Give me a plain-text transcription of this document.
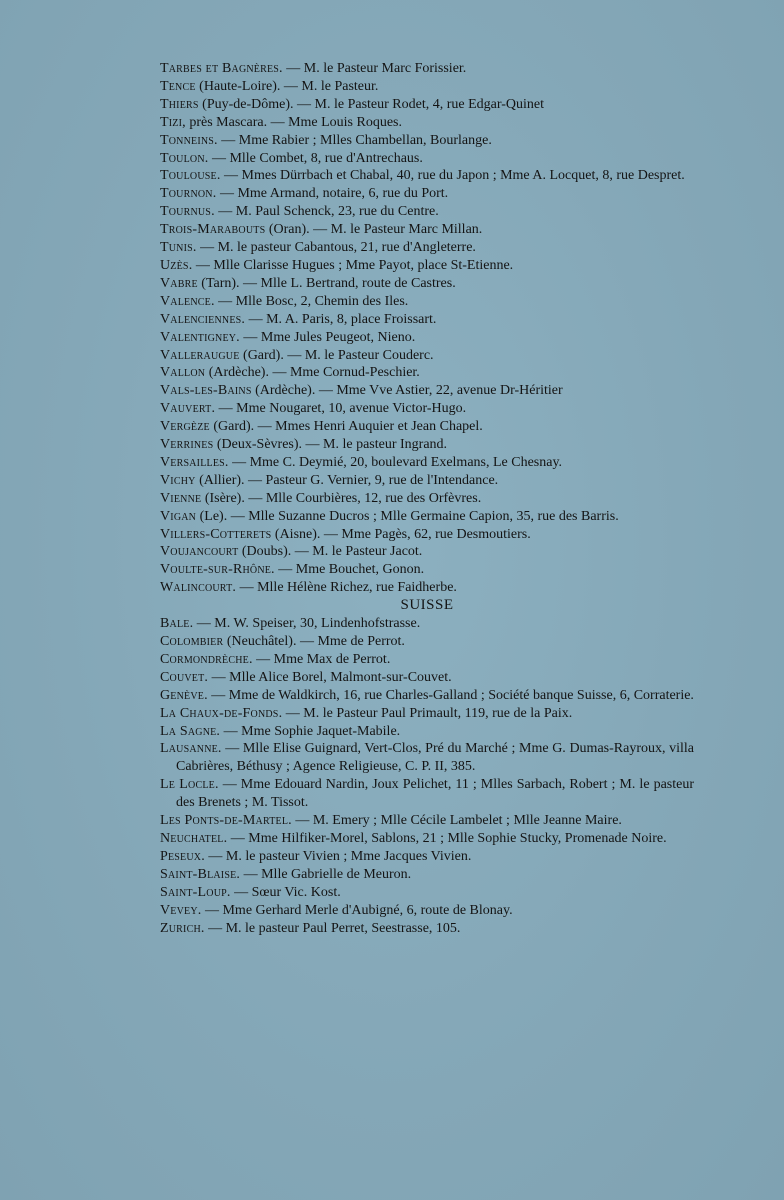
Tarbes et Bagnères. — M. le Pasteur Marc Forissier.
Tence (Haute-Loire). — M. le Pasteur.
Thiers (Puy-de-Dôme). — M. le Pasteur Rodet, 4, rue Edgar-Quinet
Tizi, près Mascara. — Mme Louis Roques.
Tonneins. — Mme Rabier ; Mlles Chambellan, Bourlange.
Toulon. — Mlle Combet, 8, rue d'Antrechaus.
Toulouse. — Mmes Dürrbach et Chabal, 40, rue du Japon ; Mme A. Locquet, 8, rue Despret.
Tournon. — Mme Armand, notaire, 6, rue du Port.
Tournus. — M. Paul Schenck, 23, rue du Centre.
Trois-Marabouts (Oran). — M. le Pasteur Marc Millan.
Tunis. — M. le pasteur Cabantous, 21, rue d'Angleterre.
Uzès. — Mlle Clarisse Hugues ; Mme Payot, place St-Etienne.
Vabre (Tarn). — Mlle L. Bertrand, route de Castres.
Valence. — Mlle Bosc, 2, Chemin des Iles.
Valenciennes. — M. A. Paris, 8, place Froissart.
Valentigney. — Mme Jules Peugeot, Nieno.
Valleraugue (Gard). — M. le Pasteur Couderc.
Vallon (Ardèche). — Mme Cornud-Peschier.
Vals-les-Bains (Ardèche). — Mme Vve Astier, 22, avenue Dr-Héritier
Vauvert. — Mme Nougaret, 10, avenue Victor-Hugo.
Vergèze (Gard). — Mmes Henri Auquier et Jean Chapel.
Verrines (Deux-Sèvres). — M. le pasteur Ingrand.
Versailles. — Mme C. Deymié, 20, boulevard Exelmans, Le Chesnay.
Vichy (Allier). — Pasteur G. Vernier, 9, rue de l'Intendance.
Vienne (Isère). — Mlle Courbières, 12, rue des Orfèvres.
Vigan (Le). — Mlle Suzanne Ducros ; Mlle Germaine Capion, 35, rue des Barris.
Villers-Cotterets (Aisne). — Mme Pagès, 62, rue Desmoutiers.
Voujancourt (Doubs). — M. le Pasteur Jacot.
Voulte-sur-Rhône. — Mme Bouchet, Gonon.
Walincourt. — Mlle Hélène Richez, rue Faidherbe.
SUISSE
Bale. — M. W. Speiser, 30, Lindenhofstrasse.
Colombier (Neuchâtel). — Mme de Perrot.
Cormondrèche. — Mme Max de Perrot.
Couvet. — Mlle Alice Borel, Malmont-sur-Couvet.
Genève. — Mme de Waldkirch, 16, rue Charles-Galland ; Société banque Suisse, 6, Corraterie.
La Chaux-de-Fonds. — M. le Pasteur Paul Primault, 119, rue de la Paix.
La Sagne. — Mme Sophie Jaquet-Mabile.
Lausanne. — Mlle Elise Guignard, Vert-Clos, Pré du Marché ; Mme G. Dumas-Rayroux, villa Cabrières, Béthusy ; Agence Religieuse, C. P. II, 385.
Le Locle. — Mme Edouard Nardin, Joux Pelichet, 11 ; Mlles Sarbach, Robert ; M. le pasteur des Brenets ; M. Tissot.
Les Ponts-de-Martel. — M. Emery ; Mlle Cécile Lambelet ; Mlle Jeanne Maire.
Neuchatel. — Mme Hilfiker-Morel, Sablons, 21 ; Mlle Sophie Stucky, Promenade Noire.
Peseux. — M. le pasteur Vivien ; Mme Jacques Vivien.
Saint-Blaise. — Mlle Gabrielle de Meuron.
Saint-Loup. — Sœur Vic. Kost.
Vevey. — Mme Gerhard Merle d'Aubigné, 6, route de Blonay.
Zurich. — M. le pasteur Paul Perret, Seestrasse, 105.
